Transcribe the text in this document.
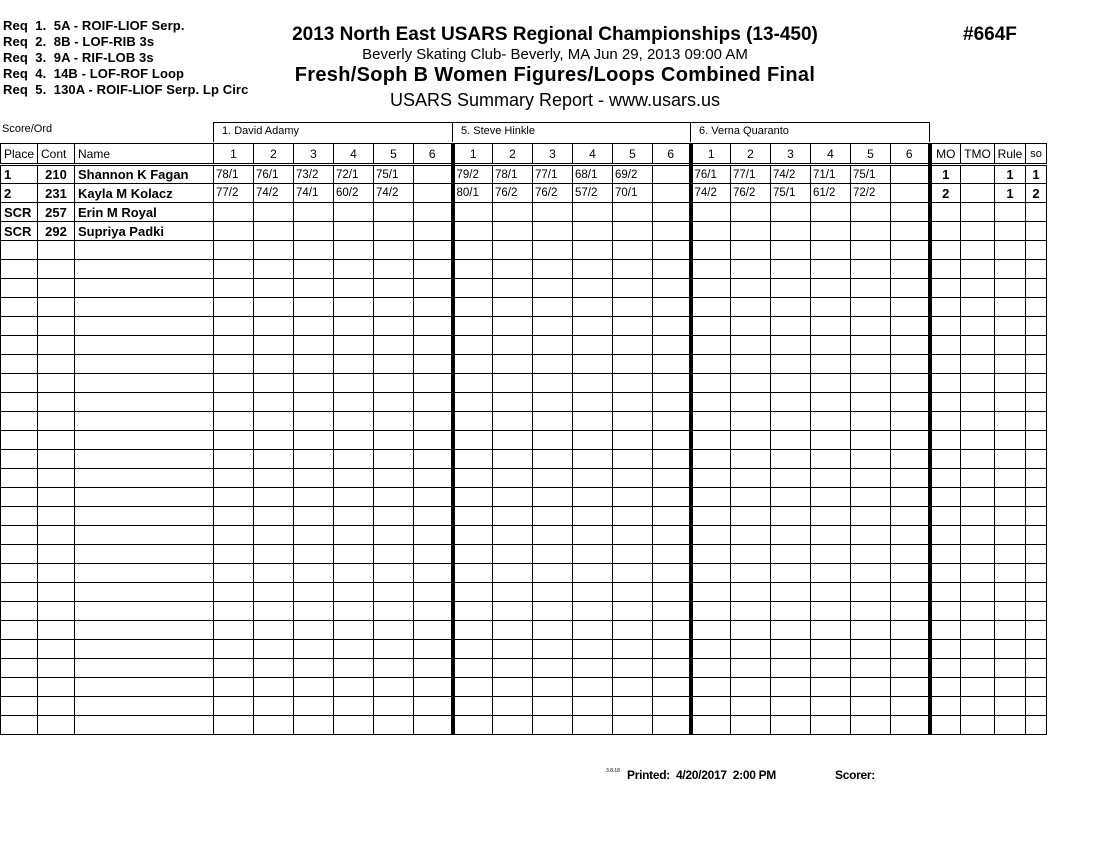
Req  1.  5A - ROIF-LIOF Serp.
Req  2.  8B - LOF-RIB 3s
Req  3.  9A - RIF-LOB 3s
Req  4.  14B - LOF-ROF Loop
Req  5.  130A - ROIF-LIOF Serp. Lp Circ
2013 North East USARS Regional Championships (13-450)
Beverly Skating Club- Beverly, MA Jun 29, 2013 09:00 AM
Fresh/Soph B Women Figures/Loops Combined Final
USARS Summary Report - www.usars.us
#664F
Score/Ord	1. David Adamy	5. Steve Hinkle	6. Verna Quaranto
Place	Cont	Name	1	2	3	4	5	6	1	2	3	4	5	6	1	2	3	4	5	6	MO	TMO	Rule	so
1	210	Shannon K Fagan	78/1	76/1	73/2	72/1	75/1		79/2	78/1	77/1	68/1	69/2		76/1	77/1	74/2	71/1	75/1		1		1	1
2	231	Kayla M Kolacz	77/2	74/2	74/1	60/2	74/2		80/1	76/2	76/2	57/2	70/1		74/2	76/2	75/1	61/2	72/2		2		1	2
SCR	257	Erin M Royal																						
SCR	292	Supriya Padki																						

3.8.18 Printed:  4/20/2017  2:00 PM	Scorer:
